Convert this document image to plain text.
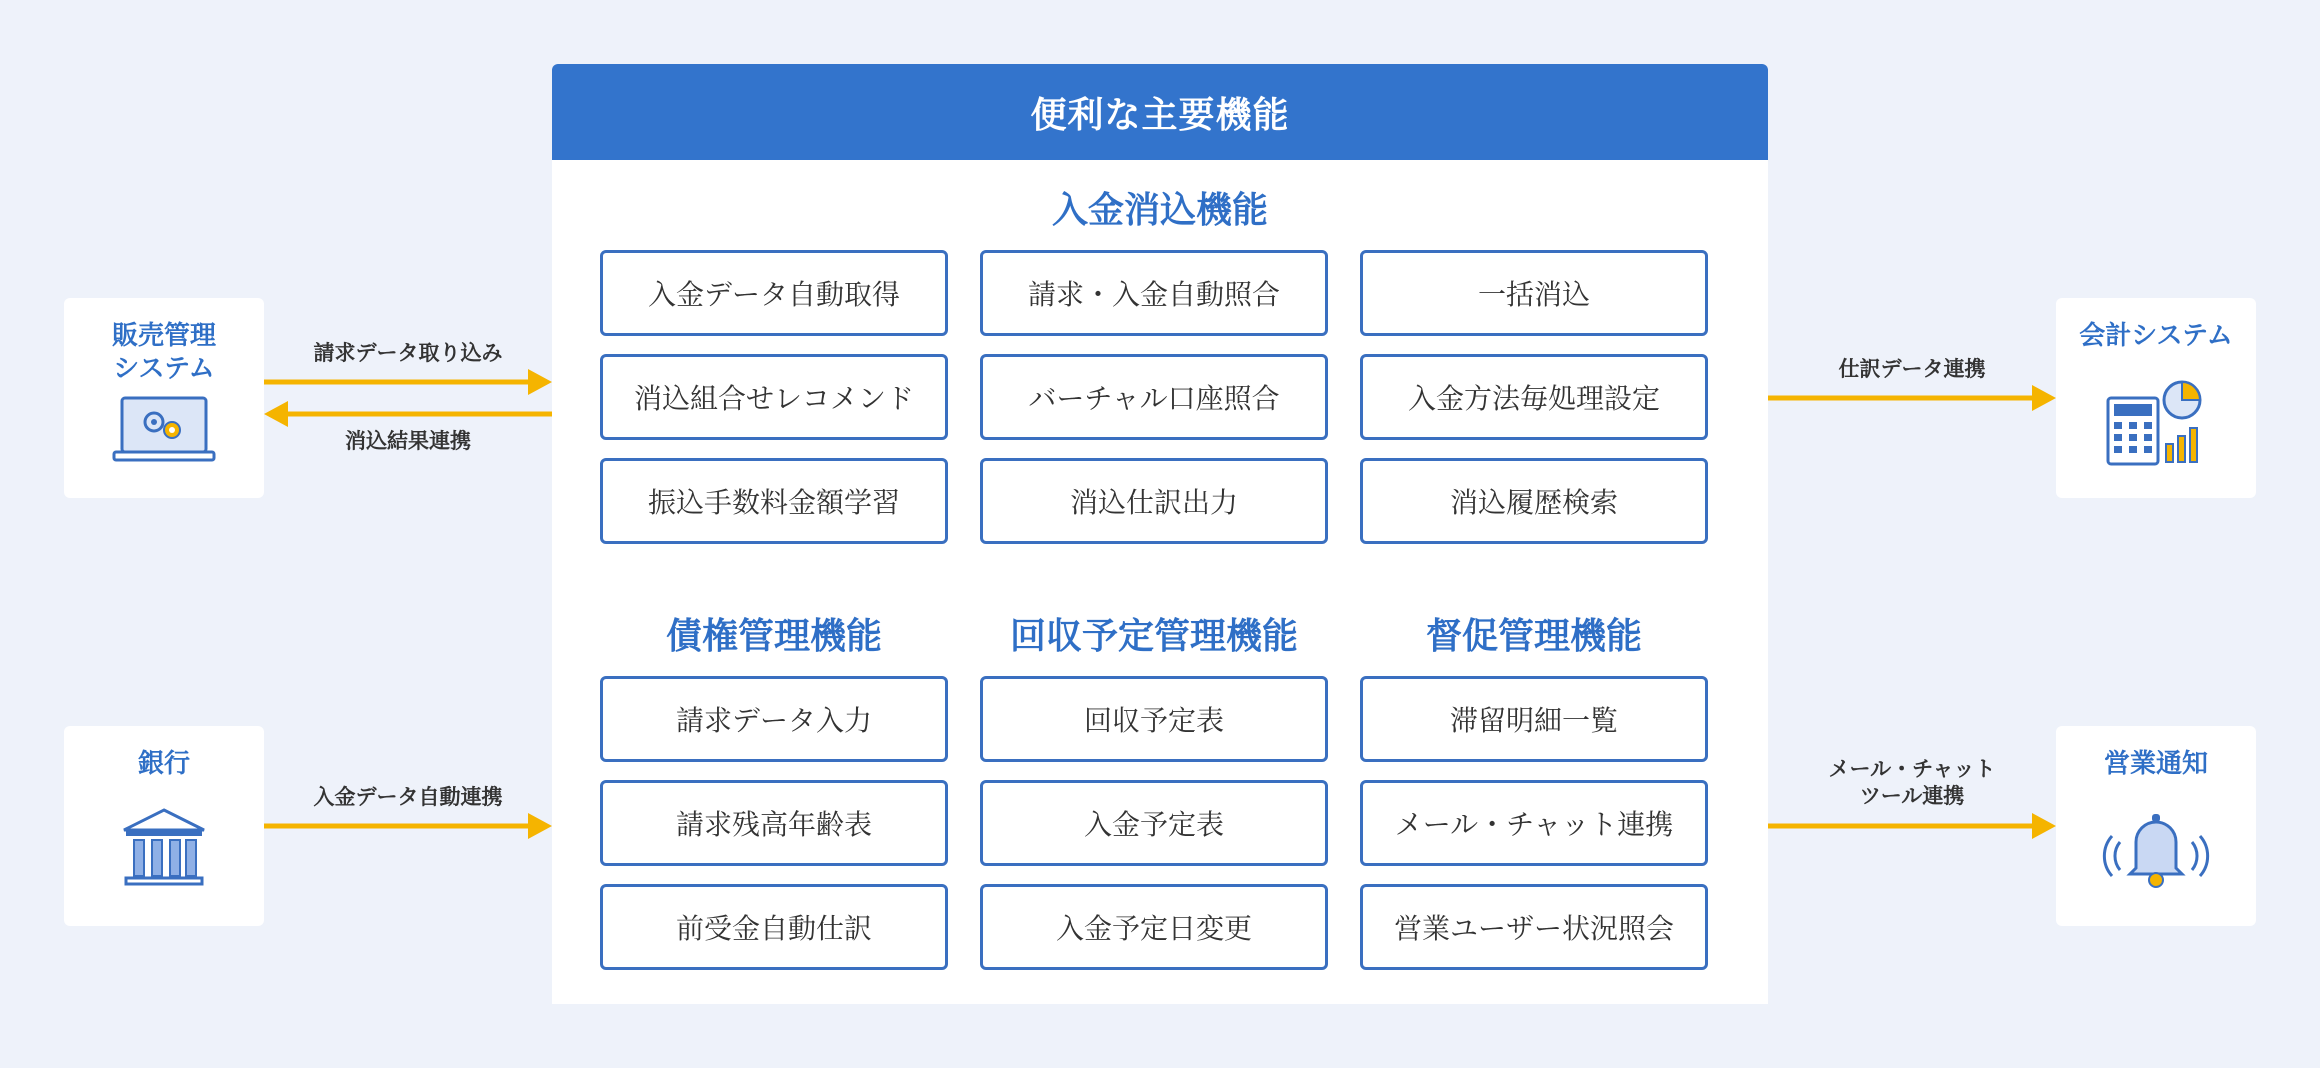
請求データ取り込み
消込結果連携
入金データ自動連携
仕訳データ連携
メール・チャット
ツール連携
販売管理
システム
銀行
会計システム
営業通知
便利な主要機能
入金消込機能
入金データ自動取得	請求・入金自動照合	一括消込
消込組合せレコメンド	バーチャル口座照合	入金方法毎処理設定
振込手数料金額学習	消込仕訳出力	消込履歴検索
債権管理機能	回収予定管理機能	督促管理機能
請求データ入力
請求残高年齢表
前受金自動仕訳
回収予定表
入金予定表
入金予定日変更
滞留明細一覧
メール・チャット連携
営業ユーザー状況照会
